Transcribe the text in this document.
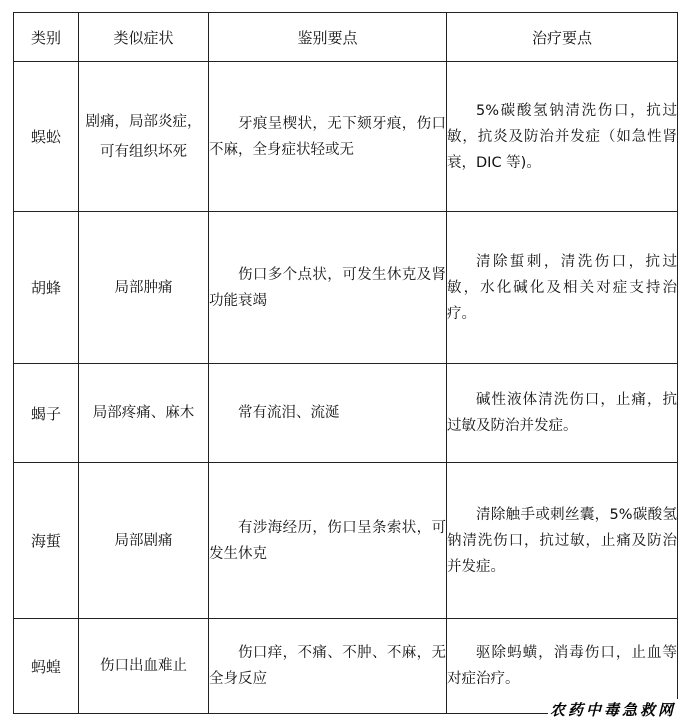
类别	类似症状	鉴别要点	治疗要点
蜈蚣	剧痛，局部炎症，可有组织坏死	牙痕呈楔状，无下颏牙痕，伤口不麻，全身症状轻或无	5%碳酸氢钠清洗伤口，抗过敏，抗炎及防治并发症（如急性肾衰，DIC 等)。

胡蜂	局部肿痛	伤口多个点状，可发生休克及肾功能衰竭	清除蜇刺，清洗伤口，抗过敏，水化碱化及相关对症支持治疗。

蝎子	局部疼痛、麻木	常有流泪、流涎	碱性液体清洗伤口，止痛，抗过敏及防治并发症。

海蜇	局部剧痛	有涉海经历，伤口呈条索状，可发生休克	清除触手或刺丝囊，5%碳酸氢钠清洗伤口，抗过敏，止痛及防治并发症。

蚂蝗	伤口出血难止	伤口痒，不痛、不肿、不麻，无全身反应	驱除蚂蟥，消毒伤口，止血等对症治疗。
农药中毒急救网
